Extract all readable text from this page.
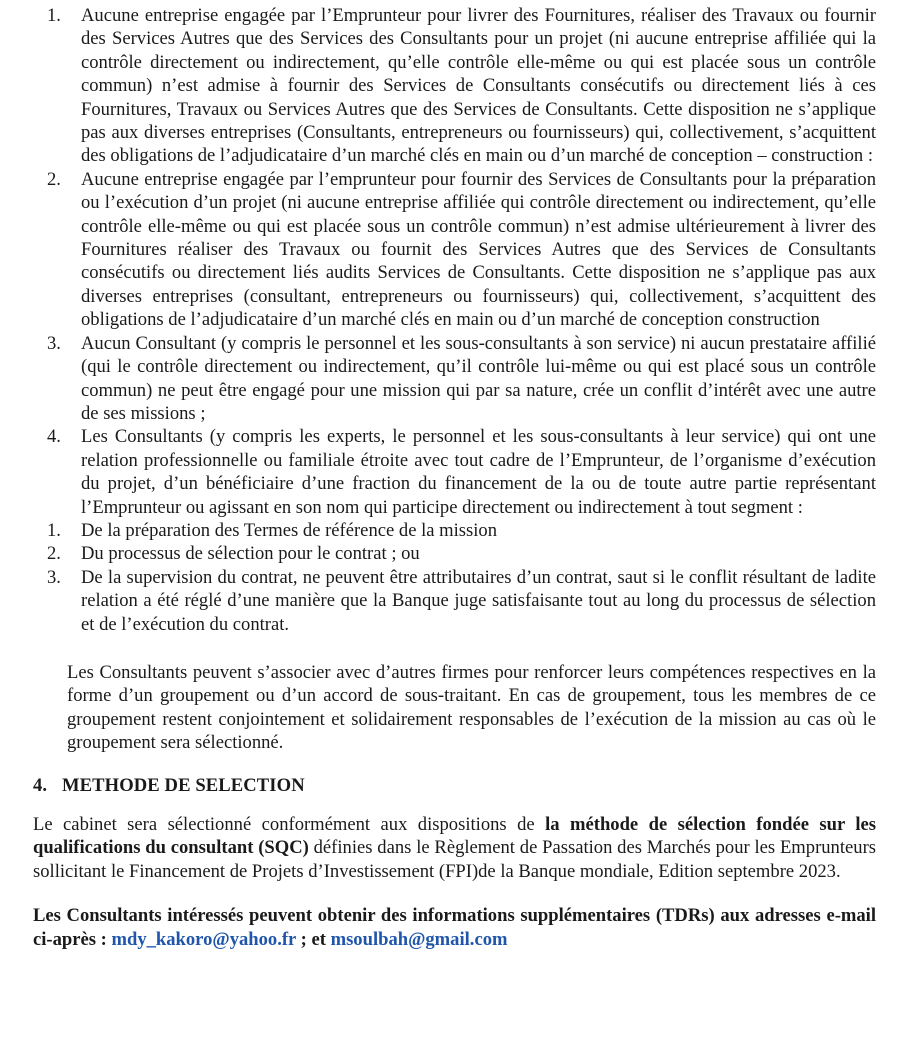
1.	Aucune entreprise engagée par l’Emprunteur pour livrer des Fournitures, réaliser des Travaux ou fournir des Services Autres que des Services des Consultants pour un projet (ni aucune entreprise affiliée qui la contrôle directement ou indirectement, qu’elle contrôle elle-même ou qui est placée sous un contrôle commun) n’est admise à fournir des Services de Consultants consécutifs ou directement liés à ces Fournitures, Travaux ou Services Autres que des Services de Consultants. Cette disposition ne s’applique pas aux diverses entreprises (Consultants, entrepreneurs ou fournisseurs) qui, collectivement, s’acquittent des obligations de l’adjudicataire d’un marché clés en main ou d’un marché de conception – construction :
2.	Aucune entreprise engagée par l’emprunteur pour fournir des Services de Consultants pour la préparation ou l’exécution d’un projet (ni aucune entreprise affiliée qui contrôle directement ou indirectement, qu’elle contrôle elle-même ou qui est placée sous un contrôle commun) n’est admise ultérieurement à livrer des Fournitures réaliser des Travaux ou fournit des Services Autres que des Services de Consultants consécutifs ou directement liés audits Services de Consultants. Cette disposition ne s’applique pas aux diverses entreprises (consultant, entrepreneurs ou fournisseurs) qui, collectivement, s’acquittent des obligations de l’adjudicataire d’un marché clés en main ou d’un marché de conception construction
3.	Aucun Consultant (y compris le personnel et les sous-consultants à son service) ni aucun prestataire affilié (qui le contrôle directement ou indirectement, qu’il contrôle lui-même ou qui est placé sous un contrôle commun) ne peut être engagé pour une mission qui par sa nature, crée un conflit d’intérêt avec une autre de ses missions ;
4.	Les Consultants (y compris les experts, le personnel et les sous-consultants à leur service) qui ont une relation professionnelle ou familiale étroite avec tout cadre de l’Emprunteur, de l’organisme d’exécution du projet, d’un bénéficiaire d’une fraction du financement de la ou de toute autre partie représentant l’Emprunteur ou agissant en son nom qui participe directement ou indirectement à tout segment :
1.	De la préparation des Termes de référence de la mission
2.	Du processus de sélection pour le contrat ; ou
3.	De la supervision du contrat, ne peuvent être attributaires d’un contrat, saut si le conflit résultant de ladite relation a été réglé d’une manière que la Banque juge satisfaisante tout au long du processus de sélection et de l’exécution du contrat.

Les Consultants peuvent s’associer avec d’autres firmes pour renforcer leurs compétences respectives en la forme d’un groupement ou d’un accord de sous-traitant. En cas de groupement, tous les membres de ce groupement restent conjointement et solidairement responsables de l’exécution de la mission au cas où le groupement sera sélectionné.

4. METHODE DE SELECTION

Le cabinet sera sélectionné conformément aux dispositions de la méthode de sélection fondée sur les qualifications du consultant (SQC) définies dans le Règlement de Passation des Marchés pour les Emprunteurs sollicitant le Financement de Projets d’Investissement (FPI)de la Banque mondiale, Edition septembre 2023.

Les Consultants intéressés peuvent obtenir des informations supplémentaires (TDRs) aux adresses e-mail ci-après : mdy_kakoro@yahoo.fr ; et msoulbah@gmail.com
